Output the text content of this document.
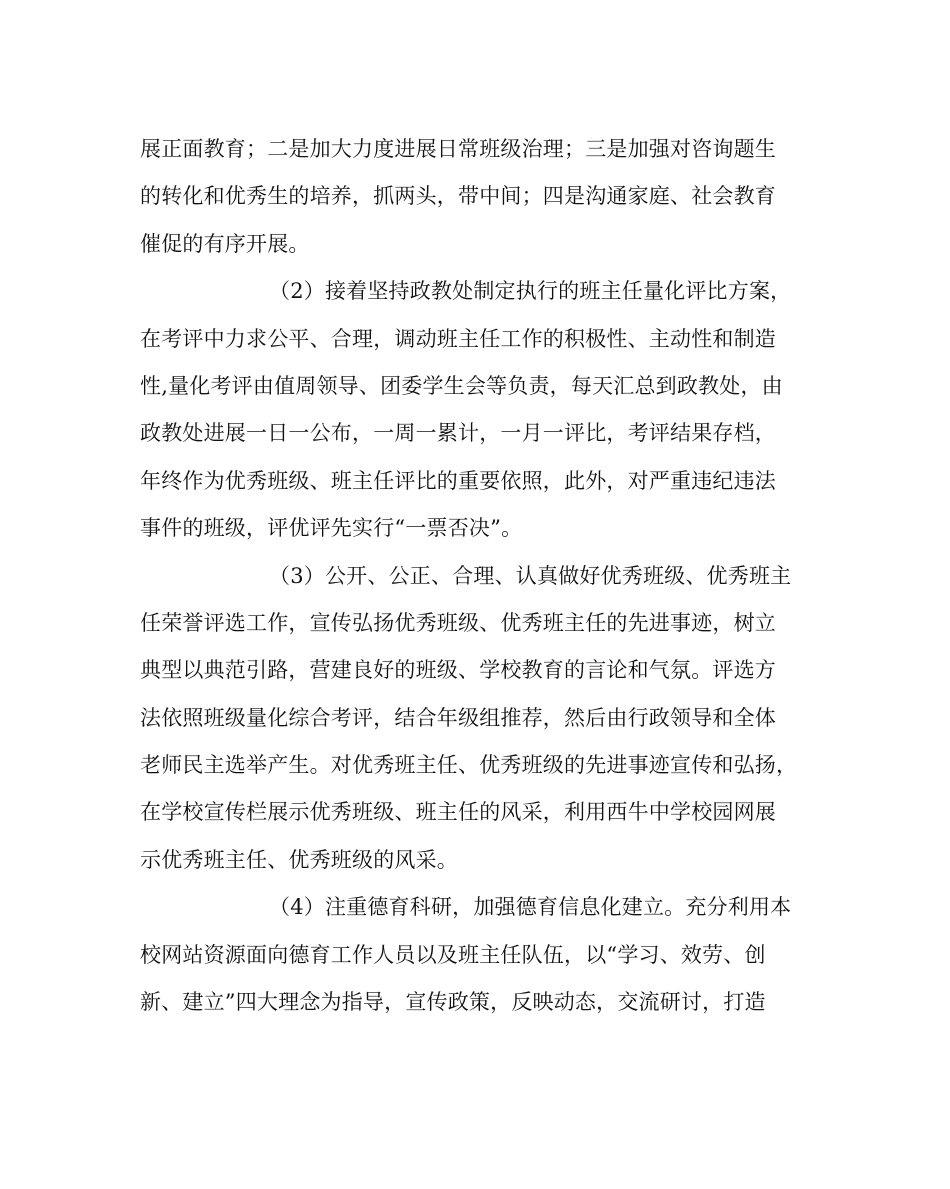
展正面教育；二是加大力度进展日常班级治理；三是加强对咨询题生
的转化和优秀生的培养，抓两头，带中间；四是沟通家庭、社会教育
催促的有序开展。
（2）接着坚持政教处制定执行的班主任量化评比方案，
在考评中力求公平、合理，调动班主任工作的积极性、主动性和制造
性,量化考评由值周领导、团委学生会等负责，每天汇总到政教处，由
政教处进展一日一公布，一周一累计，一月一评比，考评结果存档，
年终作为优秀班级、班主任评比的重要依照，此外，对严重违纪违法
事件的班级，评优评先实行“一票否决”。
（3）公开、公正、合理、认真做好优秀班级、优秀班主
任荣誉评选工作，宣传弘扬优秀班级、优秀班主任的先进事迹，树立
典型以典范引路，营建良好的班级、学校教育的言论和气氛。评选方
法依照班级量化综合考评，结合年级组推荐，然后由行政领导和全体
老师民主选举产生。对优秀班主任、优秀班级的先进事迹宣传和弘扬，
在学校宣传栏展示优秀班级、班主任的风采，利用西牛中学校园网展
示优秀班主任、优秀班级的风采。
（4）注重德育科研，加强德育信息化建立。充分利用本
校网站资源面向德育工作人员以及班主任队伍，以“学习、效劳、创
新、建立”四大理念为指导，宣传政策，反映动态，交流研讨，打造
